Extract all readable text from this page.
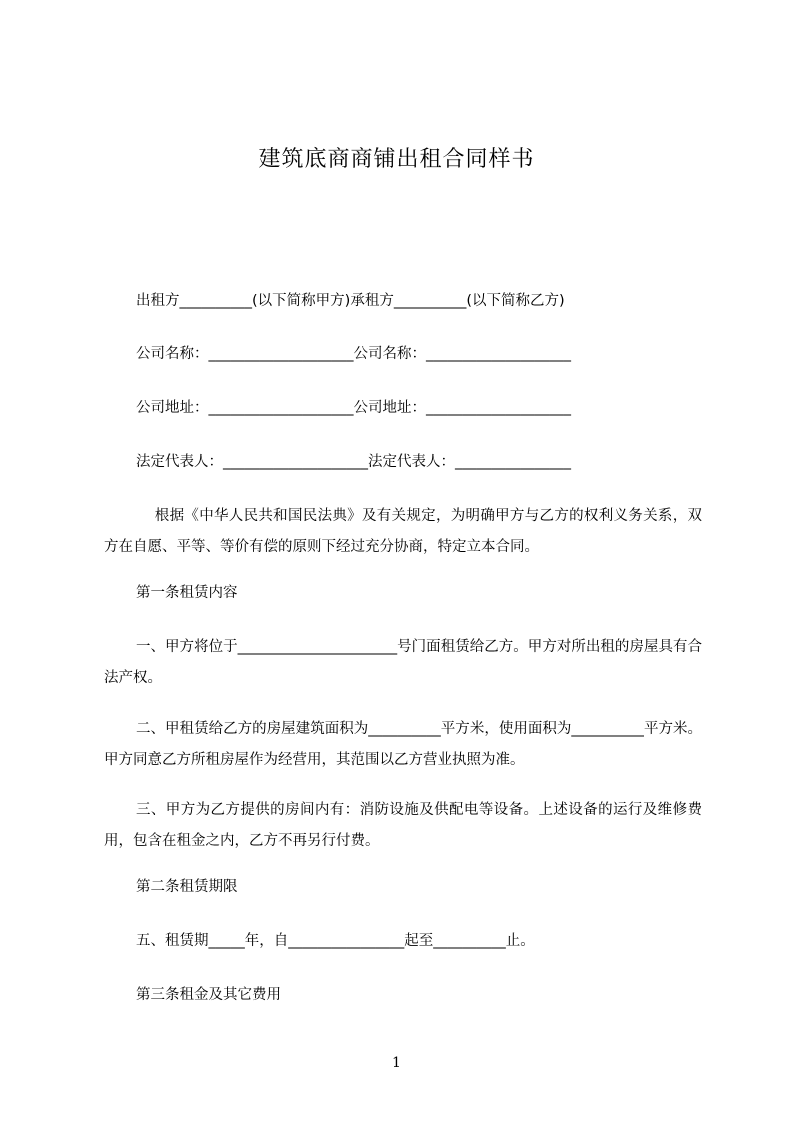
建筑底商商铺出租合同样书
出租方__________(以下简称甲方)承租方__________(以下简称乙方)
公司名称：____________________公司名称：____________________
公司地址：____________________公司地址：____________________
法定代表人：____________________法定代表人：________________
　根据《中华人民共和国民法典》及有关规定，为明确甲方与乙方的权利义务关系，双方在自愿、平等、等价有偿的原则下经过充分协商，特定立本合同。
第一条租赁内容
一、甲方将位于______________________号门面租赁给乙方。甲方对所出租的房屋具有合法产权。
二、甲租赁给乙方的房屋建筑面积为__________平方米，使用面积为__________平方米。甲方同意乙方所租房屋作为经营用，其范围以乙方营业执照为准。
三、甲方为乙方提供的房间内有：消防设施及供配电等设备。上述设备的运行及维修费用，包含在租金之内，乙方不再另行付费。
第二条租赁期限
五、租赁期_____年，自________________起至__________止。
第三条租金及其它费用
1
